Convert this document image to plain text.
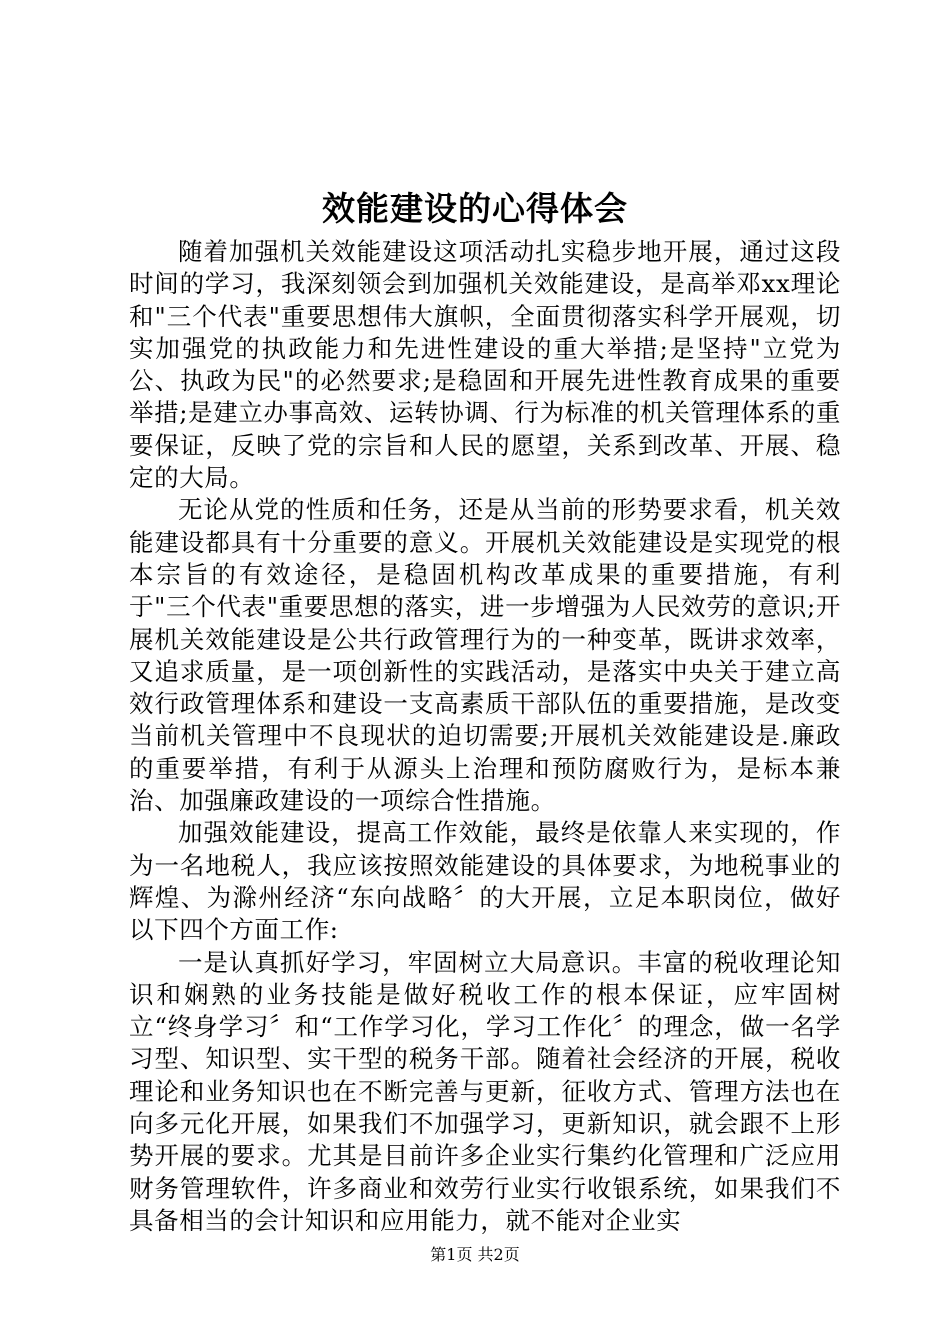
效能建设的心得体会

随着加强机关效能建设这项活动扎实稳步地开展，通过这段时间的学习，我深刻领会到加强机关效能建设，是高举邓xx理论和"三个代表"重要思想伟大旗帜，全面贯彻落实科学开展观，切实加强党的执政能力和先进性建设的重大举措;是坚持"立党为公、执政为民"的必然要求;是稳固和开展先进性教育成果的重要举措;是建立办事高效、运转协调、行为标准的机关管理体系的重要保证，反映了党的宗旨和人民的愿望，关系到改革、开展、稳定的大局。

无论从党的性质和任务，还是从当前的形势要求看，机关效能建设都具有十分重要的意义。开展机关效能建设是实现党的根本宗旨的有效途径，是稳固机构改革成果的重要措施，有利于"三个代表"重要思想的落实，进一步增强为人民效劳的意识;开展机关效能建设是公共行政管理行为的一种变革，既讲求效率，又追求质量，是一项创新性的实践活动，是落实中央关于建立高效行政管理体系和建设一支高素质干部队伍的重要措施，是改变当前机关管理中不良现状的迫切需要;开展机关效能建设是.廉政的重要举措，有利于从源头上治理和预防腐败行为，是标本兼治、加强廉政建设的一项综合性措施。

加强效能建设，提高工作效能，最终是依靠人来实现的，作为一名地税人，我应该按照效能建设的具体要求，为地税事业的辉煌、为滁州经济“东向战略〞的大开展，立足本职岗位，做好以下四个方面工作:

一是认真抓好学习，牢固树立大局意识。丰富的税收理论知识和娴熟的业务技能是做好税收工作的根本保证，应牢固树立“终身学习〞和“工作学习化，学习工作化〞的理念，做一名学习型、知识型、实干型的税务干部。随着社会经济的开展，税收理论和业务知识也在不断完善与更新，征收方式、管理方法也在向多元化开展，如果我们不加强学习，更新知识，就会跟不上形势开展的要求。尤其是目前许多企业实行集约化管理和广泛应用财务管理软件，许多商业和效劳行业实行收银系统，如果我们不具备相当的会计知识和应用能力，就不能对企业实

第1页 共2页
